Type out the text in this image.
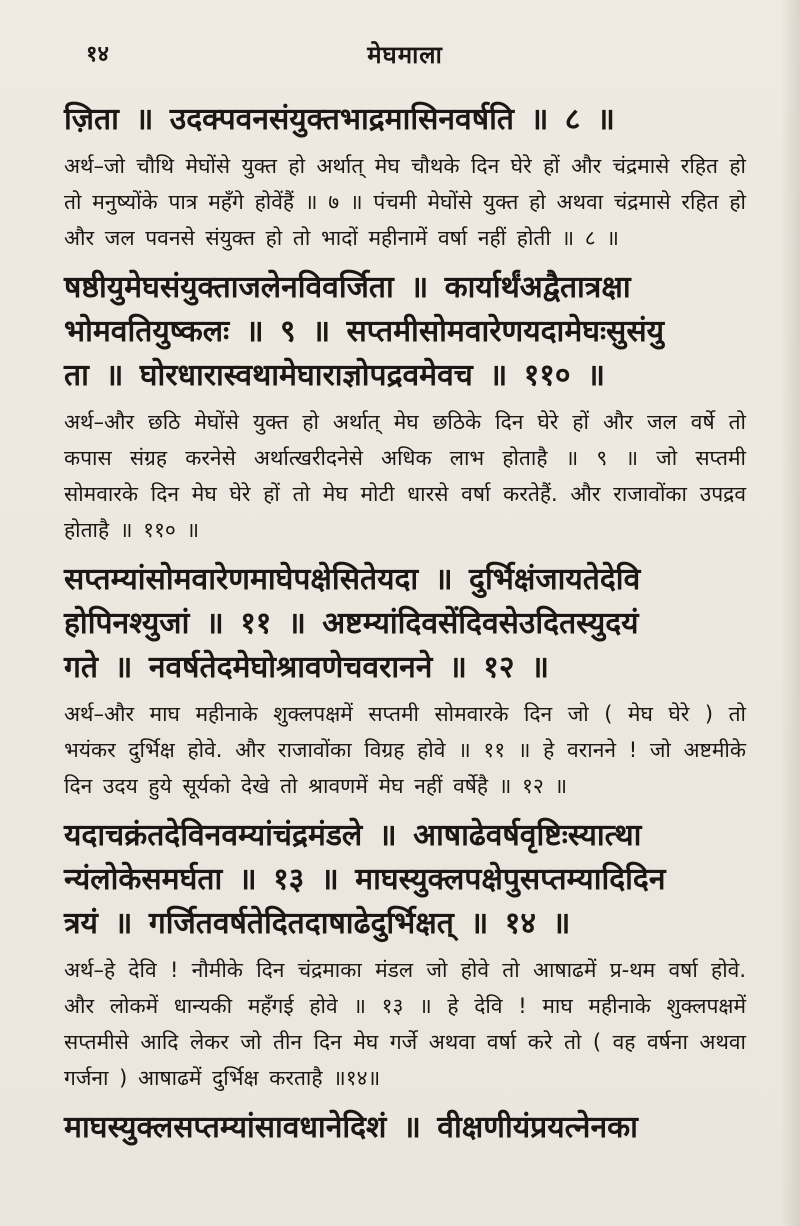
१४	मेघमाला
ज़िता ॥ उदक्पवनसंयुक्तभाद्रमासिनवर्षति ॥ ८ ॥

अर्थ–जो चौथि मेघोंसे युक्त हो अर्थात् मेघ चौथके दिन घेरे हों और चंद्रमासे रहित हो तो मनुष्योंके पात्र महँगे होवेंहैं ॥ ७ ॥ पंचमी मेघोंसे युक्त हो अथवा चंद्रमासे रहित हो और जल पवनसे संयुक्त हो तो भादों महीनामें वर्षा नहीं होती ॥ ८ ॥

षष्ठीयुमेघसंयुक्ताजलेनविवर्जिता ॥ कार्यार्थंअद्वैतात्रक्षा
भोमवतियुष्कलः ॥ ९ ॥ सप्तमीसोमवारेणयदामेघःसुसंयु
ता ॥ घोरधारास्वथामेघाराज्ञोपद्रवमेवच ॥ ११० ॥

अर्थ–और छठि मेघोंसे युक्त हो अर्थात् मेघ छठिके दिन घेरे हों और जल वर्षे तो कपास संग्रह करनेसे अर्थात्खरीदनेसे अधिक लाभ होताहै ॥ ९ ॥ जो सप्तमी सोमवारके दिन मेघ घेरे हों तो मेघ मोटी धारसे वर्षा करतेहैं. और राजावोंका उपद्रव होताहै ॥ ११० ॥

सप्तम्यांसोमवारेणमाघेपक्षेसितेयदा ॥ दुर्भिक्षंजायतेदेवि
होपिनश्युजां ॥ ११ ॥ अष्टम्यांदिवसेंदिवसेउदितस्युदयं
गते ॥ नवर्षतेदमेघोश्रावणेचवरानने ॥ १२ ॥

अर्थ–और माघ महीनाके शुक्लपक्षमें सप्तमी सोमवारके दिन जो ( मेघ घेरे ) तो भयंकर दुर्भिक्ष होवे. और राजावोंका विग्रह होवे ॥ ११ ॥ हे वरानने ! जो अष्टमीके दिन उदय हुये सूर्यको देखे तो श्रावणमें मेघ नहीं वर्षेहै ॥ १२ ॥

यदाचक्रंतदेविनवम्यांचंद्रमंडले ॥ आषाढेवर्षवृष्टिःस्यात्था
न्यंलोकेसमर्घता ॥ १३ ॥ माघस्युक्लपक्षेपुसप्तम्यादिदिन
त्रयं ॥ गर्जितवर्षतेदितदाषाढेदुर्भिक्षत् ॥ १४ ॥

अर्थ–हे देवि ! नौमीके दिन चंद्रमाका मंडल जो होवे तो आषाढमें प्र-थम वर्षा होवे. और लोकमें धान्यकी महँगई होवे ॥ १३ ॥ हे देवि ! माघ महीनाके शुक्लपक्षमें सप्तमीसे आदि लेकर जो तीन दिन मेघ गर्जे अथवा वर्षा करे तो ( वह वर्षना अथवा गर्जना ) आषाढमें दुर्भिक्ष करताहै ॥१४॥

माघस्युक्लसप्तम्यांसावधानेदिशं ॥ वीक्षणीयंप्रयत्नेनका
